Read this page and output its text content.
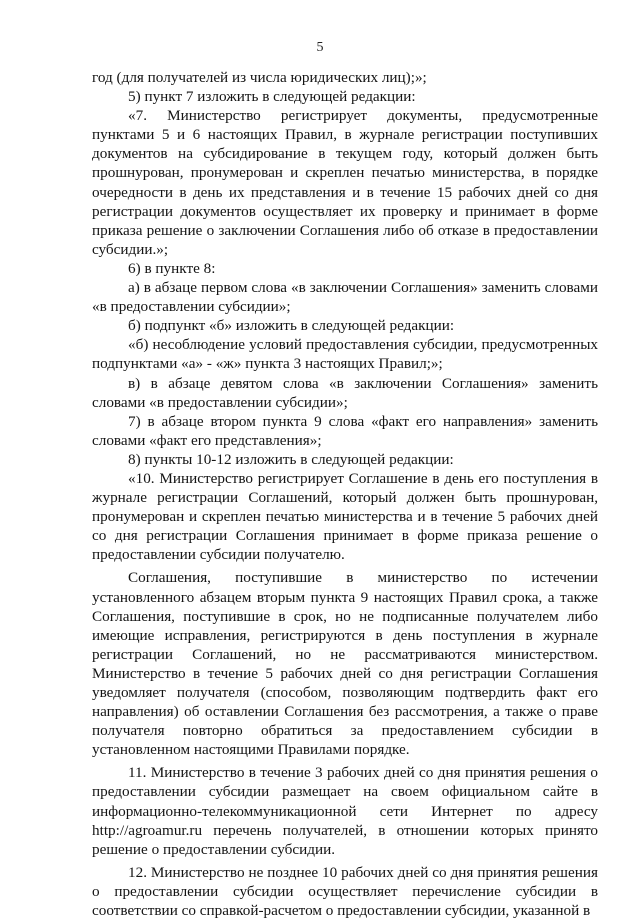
5

год (для получателей из числа юридических лиц);»;

5) пункт 7 изложить в следующей редакции:

«7. Министерство регистрирует документы, предусмотренные пунктами 5 и 6 настоящих Правил, в журнале регистрации поступивших документов на субсидирование в текущем году, который должен быть прошнурован, пронумерован и скреплен печатью министерства, в порядке очередности в день их представления и в течение 15 рабочих дней со дня регистрации документов осуществляет их проверку и принимает в форме приказа решение о заключении Соглашения либо об отказе в предоставлении субсидии.»;

6) в пункте 8:

а) в абзаце первом слова «в заключении Соглашения» заменить словами «в предоставлении субсидии»;

б) подпункт «б» изложить в следующей редакции:

«б) несоблюдение условий предоставления субсидии, предусмотренных подпунктами «а» - «ж» пункта 3 настоящих Правил;»;

в) в абзаце девятом слова «в заключении Соглашения» заменить словами «в предоставлении субсидии»;

7) в абзаце втором пункта 9 слова «факт его направления» заменить словами «факт его представления»;

8) пункты 10-12 изложить в следующей редакции:

«10. Министерство регистрирует Соглашение в день его поступления в журнале регистрации Соглашений, который должен быть прошнурован, пронумерован и скреплен печатью министерства и в течение 5 рабочих дней со дня регистрации Соглашения принимает в форме приказа решение о предоставлении субсидии получателю.

Соглашения, поступившие в министерство по истечении установленного абзацем вторым пункта 9 настоящих Правил срока, а также Соглашения, поступившие в срок, но не подписанные получателем либо имеющие исправления, регистрируются в день поступления в журнале регистрации Соглашений, но не рассматриваются министерством. Министерство в течение 5 рабочих дней со дня регистрации Соглашения уведомляет получателя (способом, позволяющим подтвердить факт его направления) об оставлении Соглашения без рассмотрения, а также о праве получателя повторно обратиться за предоставлением субсидии в установленном настоящими Правилами порядке.

11. Министерство в течение 3 рабочих дней со дня принятия решения о предоставлении субсидии размещает на своем официальном сайте в информационно-телекоммуникационной сети Интернет по адресу http://agroamur.ru перечень получателей, в отношении которых принято решение о предоставлении субсидии.

12. Министерство не позднее 10 рабочих дней со дня принятия решения о предоставлении субсидии осуществляет перечисление субсидии в соответствии со справкой-расчетом о предоставлении субсидии, указанной в
